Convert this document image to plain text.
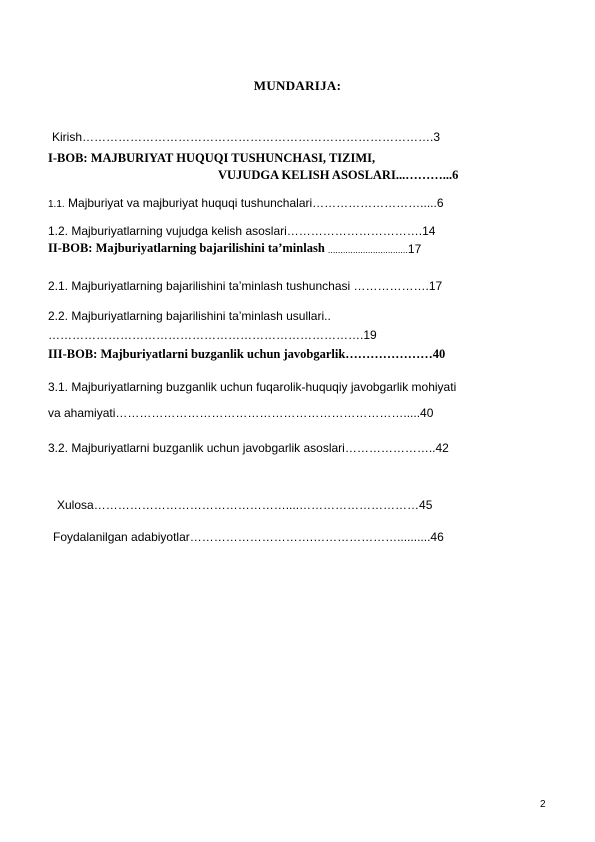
MUNDARIJA:
Kirish…………………………………………………………………………….3
I-BOB: MAJBURIYAT HUQUQI TUSHUNCHASI, TIZIMI,
VUJUDGA KELISH ASOSLARI...………...6
1.1. Majburiyat va majburiyat huquqi tushunchalari……………………….....6
1.2. Majburiyatlarning vujudga kelish asoslari…………………………….14
II-BOB: Majburiyatlarning bajarilishini ta’minlash ................................17
2.1. Majburiyatlarning bajarilishini ta’minlash tushunchasi ……………….17
2.2. Majburiyatlarning bajarilishini ta’minlash usullari..
…………………………………………………………………….19
III-BOB: Majburiyatlarni buzganlik uchun javobgarlik…………………40
3.1. Majburiyatlarning buzganlik uchun fuqarolik-huquqiy javobgarlik mohiyati
va ahamiyati……………………………………………………………….....40
3.2. Majburiyatlarni buzganlik uchun javobgarlik asoslari…………………..42
Xulosa…………………………………………....…………………………45
Foydalanilgan adabiyotlar………………………….…………………..........46
2
